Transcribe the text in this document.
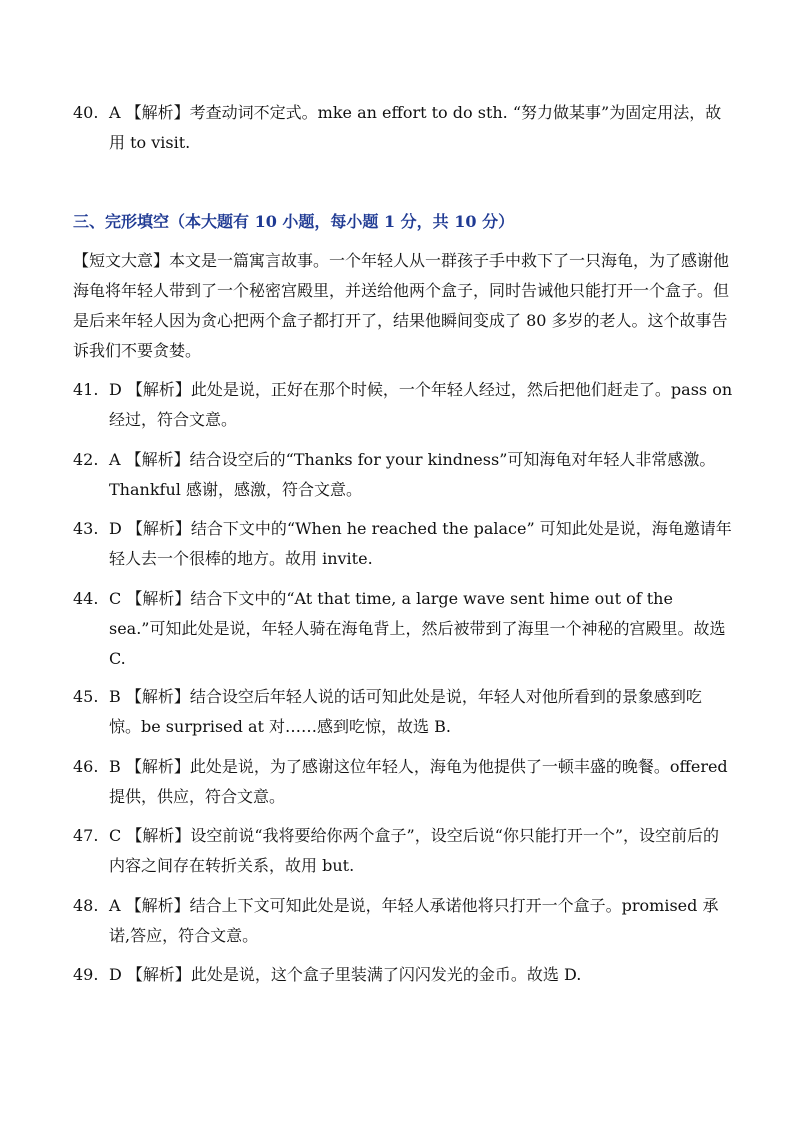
40. A 【解析】考查动词不定式。mke an effort to do sth. “努力做某事”为固定用法，故用 to visit.
三、完形填空（本大题有 10 小题，每小题 1 分，共 10 分）
【短文大意】本文是一篇寓言故事。一个年轻人从一群孩子手中救下了一只海龟，为了感谢他海龟将年轻人带到了一个秘密宫殿里，并送给他两个盒子，同时告诫他只能打开一个盒子。但是后来年轻人因为贪心把两个盒子都打开了，结果他瞬间变成了 80 多岁的老人。这个故事告诉我们不要贪婪。
41. D 【解析】此处是说，正好在那个时候，一个年轻人经过，然后把他们赶走了。pass on 经过，符合文意。
42. A 【解析】结合设空后的“Thanks for your kindness”可知海龟对年轻人非常感激。Thankful 感谢，感激，符合文意。
43. D 【解析】结合下文中的“When he reached the palace” 可知此处是说，海龟邀请年轻人去一个很棒的地方。故用 invite.
44. C 【解析】结合下文中的“At that time, a large wave sent hime out of the sea.”可知此处是说，年轻人骑在海龟背上，然后被带到了海里一个神秘的宫殿里。故选 C.
45. B 【解析】结合设空后年轻人说的话可知此处是说，年轻人对他所看到的景象感到吃惊。be surprised at 对……感到吃惊，故选 B.
46. B 【解析】此处是说，为了感谢这位年轻人，海龟为他提供了一顿丰盛的晚餐。offered 提供，供应，符合文意。
47. C 【解析】设空前说“我将要给你两个盒子”，设空后说“你只能打开一个”，设空前后的内容之间存在转折关系，故用 but.
48. A 【解析】结合上下文可知此处是说，年轻人承诺他将只打开一个盒子。promised 承诺,答应，符合文意。
49. D 【解析】此处是说，这个盒子里装满了闪闪发光的金币。故选 D.
